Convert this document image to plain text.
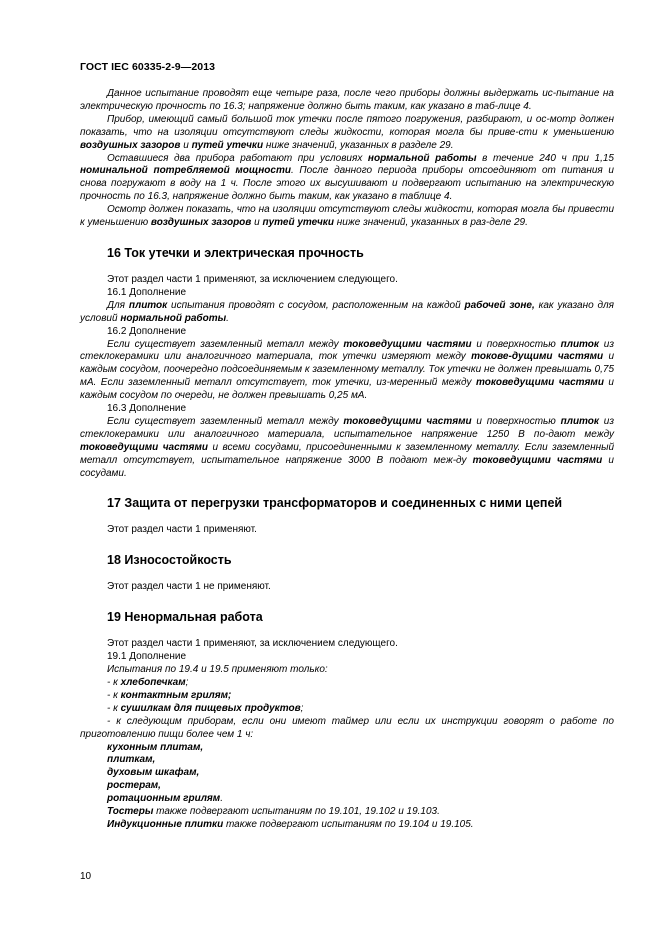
ГОСТ IEC 60335-2-9—2013

Данное испытание проводят еще четыре раза, после чего приборы должны выдержать ис-пытание на электрическую прочность по 16.3; напряжение должно быть таким, как указано в таб-лице 4.

Прибор, имеющий самый большой ток утечки после пятого погружения, разбирают, и ос-мотр должен показать, что на изоляции отсутствуют следы жидкости, которая могла бы приве-сти к уменьшению воздушных зазоров и путей утечки ниже значений, указанных в разделе 29.

Оставшиеся два прибора работают при условиях нормальной работы в течение 240 ч при 1,15 номинальной потребляемой мощности. После данного периода приборы отсоединяют от питания и снова погружают в воду на 1 ч. После этого их высушивают и подвергают испытанию на электрическую прочность по 16.3, напряжение должно быть таким, как указано в таблице 4.

Осмотр должен показать, что на изоляции отсутствуют следы жидкости, которая могла бы привести к уменьшению воздушных зазоров и путей утечки ниже значений, указанных в раз-деле 29.

16 Ток утечки и электрическая прочность

Этот раздел части 1 применяют, за исключением следующего.

16.1 Дополнение

Для плиток испытания проводят с сосудом, расположенным на каждой рабочей зоне, как указано для условий нормальной работы.

16.2 Дополнение

Если существует заземленный металл между токоведущими частями и поверхностью плиток из стеклокерамики или аналогичного материала, ток утечки измеряют между токове-дущими частями и каждым сосудом, поочередно подсоединяемым к заземленному металлу. Ток утечки не должен превышать 0,75 мА. Если заземленный металл отсутствует, ток утечки, из-меренный между токоведущими частями и каждым сосудом по очереди, не должен превышать 0,25 мА.

16.3 Дополнение

Если существует заземленный металл между токоведущими частями и поверхностью плиток из стеклокерамики или аналогичного материала, испытательное напряжение 1250 В по-дают между токоведущими частями и всеми сосудами, присоединенными к заземленному металлу. Если заземленный металл отсутствует, испытательное напряжение 3000 В подают меж-ду токоведущими частями и сосудами.

17 Защита от перегрузки трансформаторов и соединенных с ними цепей

Этот раздел части 1 применяют.

18 Износостойкость

Этот раздел части 1 не применяют.

19 Ненормальная работа

Этот раздел части 1 применяют, за исключением следующего.

19.1 Дополнение

Испытания по 19.4 и 19.5 применяют только:

- к хлебопечкам;

- к контактным грилям;

- к сушилкам для пищевых продуктов;

- к следующим приборам, если они имеют таймер или если их инструкции говорят о работе по приготовлению пищи более чем 1 ч:

кухонным плитам,

плиткам,

духовым шкафам,

ростерам,

ротационным грилям.

Тостеры также подвергают испытаниям по 19.101, 19.102 и 19.103.

Индукционные плитки также подвергают испытаниям по 19.104 и 19.105.

10
